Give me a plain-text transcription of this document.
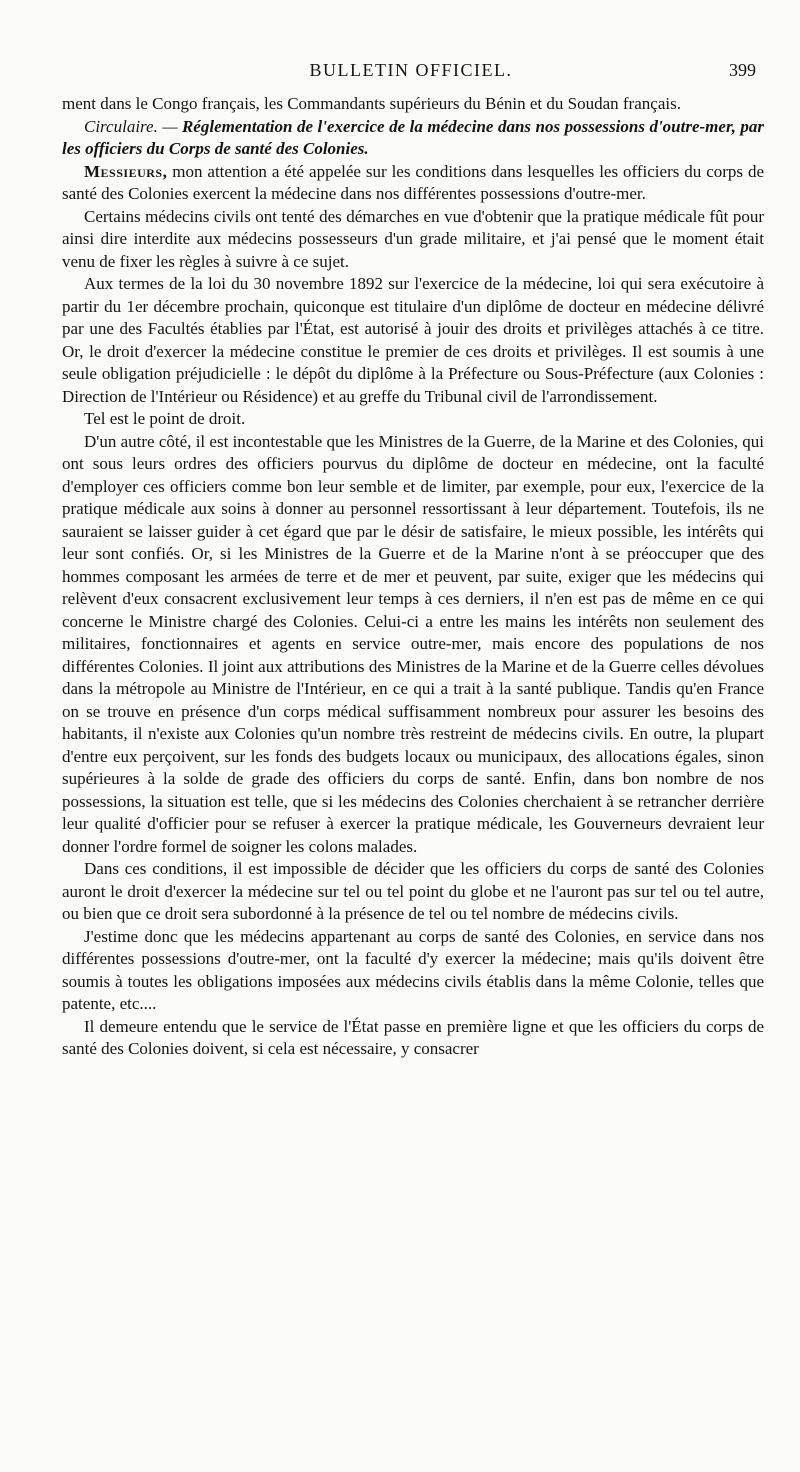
BULLETIN OFFICIEL.	399

ment dans le Congo français, les Commandants supérieurs du Bénin et du Soudan français.

Circulaire. — Réglementation de l'exercice de la médecine dans nos possessions d'outre-mer, par les officiers du Corps de santé des Colonies.

Messieurs, mon attention a été appelée sur les conditions dans lesquelles les officiers du corps de santé des Colonies exercent la médecine dans nos différentes possessions d'outre-mer.

Certains médecins civils ont tenté des démarches en vue d'obtenir que la pratique médicale fût pour ainsi dire interdite aux médecins possesseurs d'un grade militaire, et j'ai pensé que le moment était venu de fixer les règles à suivre à ce sujet.

Aux termes de la loi du 30 novembre 1892 sur l'exercice de la médecine, loi qui sera exécutoire à partir du 1er décembre prochain, quiconque est titulaire d'un diplôme de docteur en médecine délivré par une des Facultés établies par l'État, est autorisé à jouir des droits et privilèges attachés à ce titre. Or, le droit d'exercer la médecine constitue le premier de ces droits et privilèges. Il est soumis à une seule obligation préjudicielle : le dépôt du diplôme à la Préfecture ou Sous-Préfecture (aux Colonies : Direction de l'Intérieur ou Résidence) et au greffe du Tribunal civil de l'arrondissement.

Tel est le point de droit.

D'un autre côté, il est incontestable que les Ministres de la Guerre, de la Marine et des Colonies, qui ont sous leurs ordres des officiers pourvus du diplôme de docteur en médecine, ont la faculté d'employer ces officiers comme bon leur semble et de limiter, par exemple, pour eux, l'exercice de la pratique médicale aux soins à donner au personnel ressortissant à leur département. Toutefois, ils ne sauraient se laisser guider à cet égard que par le désir de satisfaire, le mieux possible, les intérêts qui leur sont confiés. Or, si les Ministres de la Guerre et de la Marine n'ont à se préoccuper que des hommes composant les armées de terre et de mer et peuvent, par suite, exiger que les médecins qui relèvent d'eux consacrent exclusivement leur temps à ces derniers, il n'en est pas de même en ce qui concerne le Ministre chargé des Colonies. Celui-ci a entre les mains les intérêts non seulement des militaires, fonctionnaires et agents en service outre-mer, mais encore des populations de nos différentes Colonies. Il joint aux attributions des Ministres de la Marine et de la Guerre celles dévolues dans la métropole au Ministre de l'Intérieur, en ce qui a trait à la santé publique. Tandis qu'en France on se trouve en présence d'un corps médical suffisamment nombreux pour assurer les besoins des habitants, il n'existe aux Colonies qu'un nombre très restreint de médecins civils. En outre, la plupart d'entre eux perçoivent, sur les fonds des budgets locaux ou municipaux, des allocations égales, sinon supérieures à la solde de grade des officiers du corps de santé. Enfin, dans bon nombre de nos possessions, la situation est telle, que si les médecins des Colonies cherchaient à se retrancher derrière leur qualité d'officier pour se refuser à exercer la pratique médicale, les Gouverneurs devraient leur donner l'ordre formel de soigner les colons malades.

Dans ces conditions, il est impossible de décider que les officiers du corps de santé des Colonies auront le droit d'exercer la médecine sur tel ou tel point du globe et ne l'auront pas sur tel ou tel autre, ou bien que ce droit sera subordonné à la présence de tel ou tel nombre de médecins civils.

J'estime donc que les médecins appartenant au corps de santé des Colonies, en service dans nos différentes possessions d'outre-mer, ont la faculté d'y exercer la médecine; mais qu'ils doivent être soumis à toutes les obligations imposées aux médecins civils établis dans la même Colonie, telles que patente, etc....

Il demeure entendu que le service de l'État passe en première ligne et que les officiers du corps de santé des Colonies doivent, si cela est nécessaire, y consacrer
